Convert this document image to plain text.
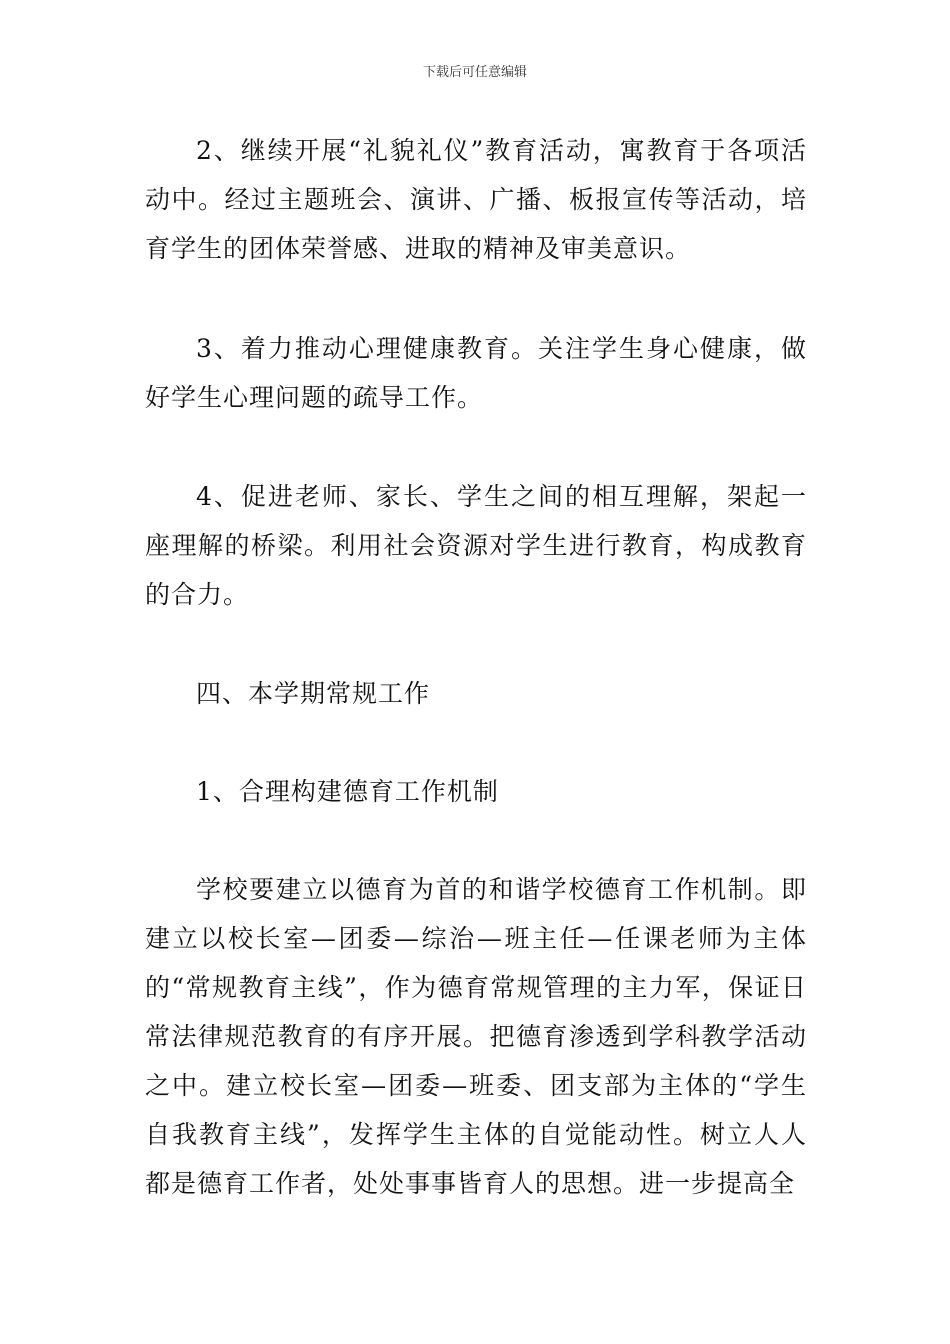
下载后可任意编辑

2、继续开展“礼貌礼仪”教育活动，寓教育于各项活动中。经过主题班会、演讲、广播、板报宣传等活动，培育学生的团体荣誉感、进取的精神及审美意识。

3、着力推动心理健康教育。关注学生身心健康，做好学生心理问题的疏导工作。

4、促进老师、家长、学生之间的相互理解，架起一座理解的桥梁。利用社会资源对学生进行教育，构成教育的合力。

四、本学期常规工作

1、合理构建德育工作机制

学校要建立以德育为首的和谐学校德育工作机制。即建立以校长室—团委—综治—班主任—任课老师为主体的“常规教育主线”，作为德育常规管理的主力军，保证日常法律规范教育的有序开展。把德育渗透到学科教学活动之中。建立校长室—团委—班委、团支部为主体的“学生自我教育主线”，发挥学生主体的自觉能动性。树立人人都是德育工作者，处处事事皆育人的思想。进一步提高全
